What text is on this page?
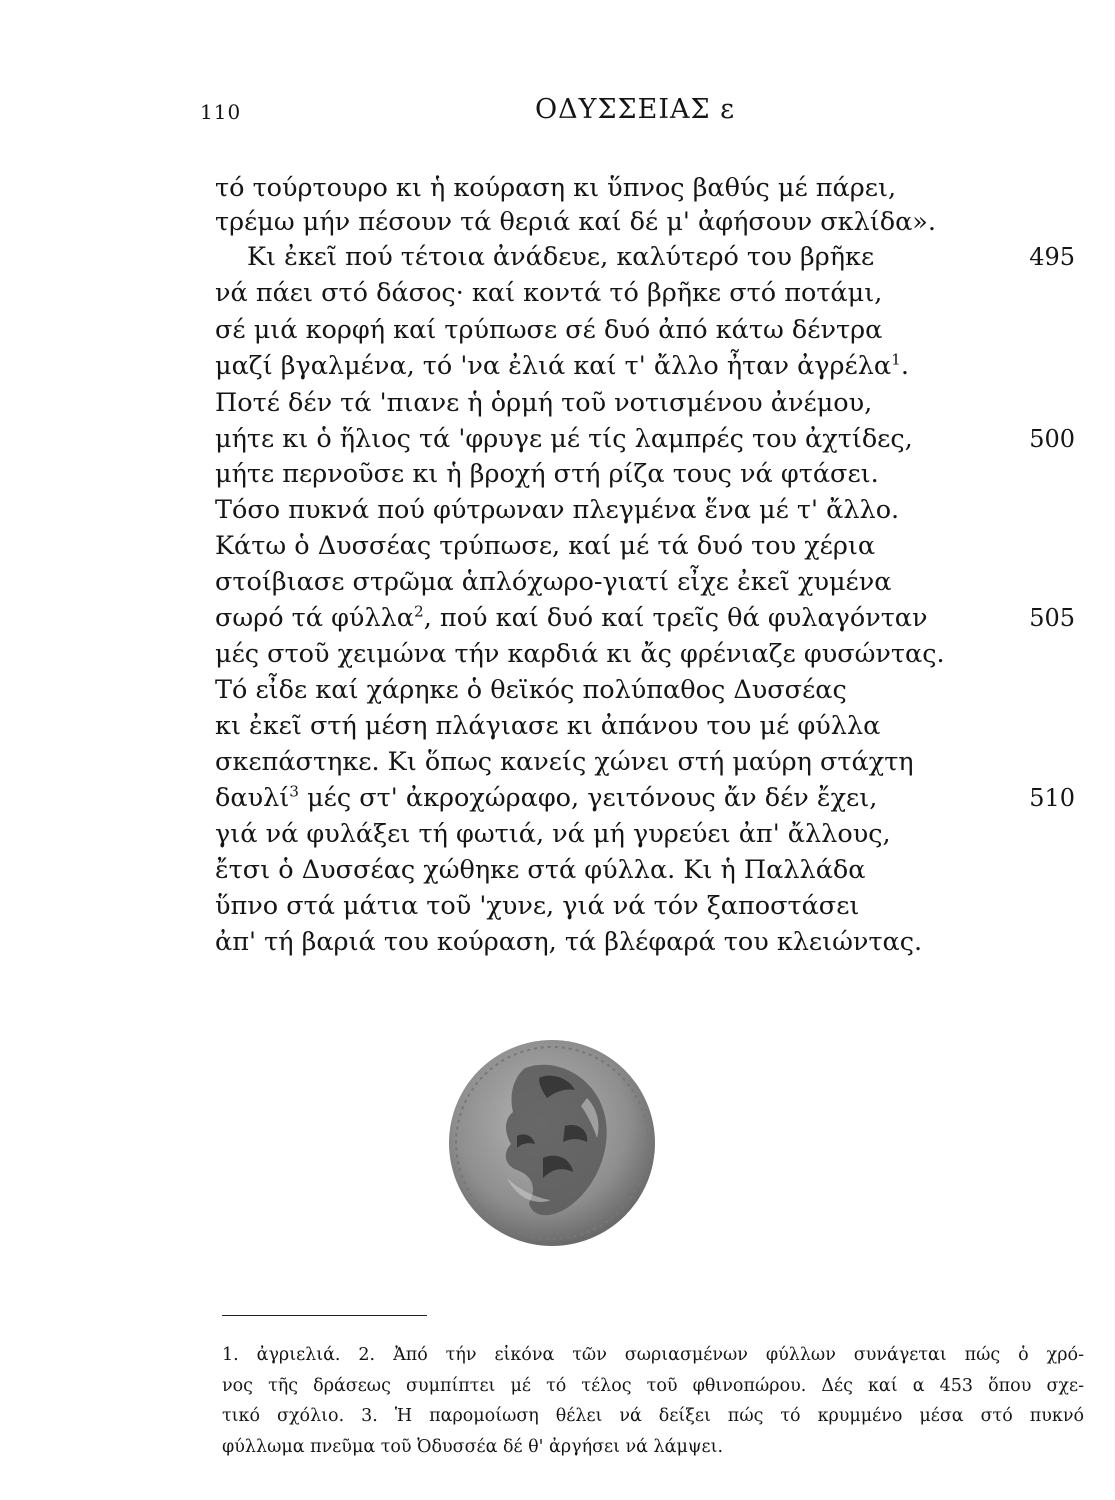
110	ΟΔΥΣΣΕΙΑΣ ε
τό τούρτουρο κι ἡ κούραση κι ὕπνος βαθύς μέ πάρει,
τρέμω μήν πέσουν τά θεριά καί δέ μ' ἀφήσουν σκλίδα».
Κι ἐκεῖ πού τέτοια ἀνάδευε, καλύτερό του βρῆκε	495
νά πάει στό δάσος· καί κοντά τό βρῆκε στό ποτάμι,
σέ μιά κορφή καί τρύπωσε σέ δυό ἀπό κάτω δέντρα
μαζί βγαλμένα, τό 'να ἐλιά καί τ' ἄλλο ἦταν ἀγρέλα$^1$.
Ποτέ δέν τά 'πιανε ἡ ὁρμή τοῦ νοτισμένου ἀνέμου,
μήτε κι ὁ ἥλιος τά 'φρυγε μέ τίς λαμπρές του ἀχτίδες,	500
μήτε περνοῦσε κι ἡ βροχή στή ρίζα τους νά φτάσει.
Τόσο πυκνά πού φύτρωναν πλεγμένα ἕνα μέ τ' ἄλλο.
Κάτω ὁ Δυσσέας τρύπωσε, καί μέ τά δυό του χέρια
στοίβιασε στρῶμα ἁπλόχωρο-γιατί εἶχε ἐκεῖ χυμένα
σωρό τά φύλλα$^2$, πού καί δυό καί τρεῖς θά φυλαγόνταν	505
μές στοῦ χειμώνα τήν καρδιά κι ἄς φρένιαζε φυσώντας.
Τό εἶδε καί χάρηκε ὁ θεϊκός πολύπαθος Δυσσέας
κι ἐκεῖ στή μέση πλάγιασε κι ἀπάνου του μέ φύλλα
σκεπάστηκε. Κι ὅπως κανείς χώνει στή μαύρη στάχτη
δαυλί$^3$ μές στ' ἀκροχώραφο, γειτόνους ἄν δέν ἔχει,	510
γιά νά φυλάξει τή φωτιά, νά μή γυρεύει ἀπ' ἄλλους,
ἔτσι ὁ Δυσσέας χώθηκε στά φύλλα. Κι ἡ Παλλάδα
ὕπνο στά μάτια τοῦ 'χυνε, γιά νά τόν ξαποστάσει
ἀπ' τή βαριά του κούραση, τά βλέφαρά του κλειώντας.
1. ἀγριελιά. 2. Ἀπό τήν εἰκόνα τῶν σωριασμένων φύλλων συνάγεται πώς ὁ χρό-
νος τῆς δράσεως συμπίπτει μέ τό τέλος τοῦ φθινοπώρου. Δές καί α 453 ὅπου σχε-
τικό σχόλιο. 3. Ἡ παρομοίωση θέλει νά δείξει πώς τό κρυμμένο μέσα στό πυκνό
φύλλωμα πνεῦμα τοῦ Ὀδυσσέα δέ θ' ἀργήσει νά λάμψει.
